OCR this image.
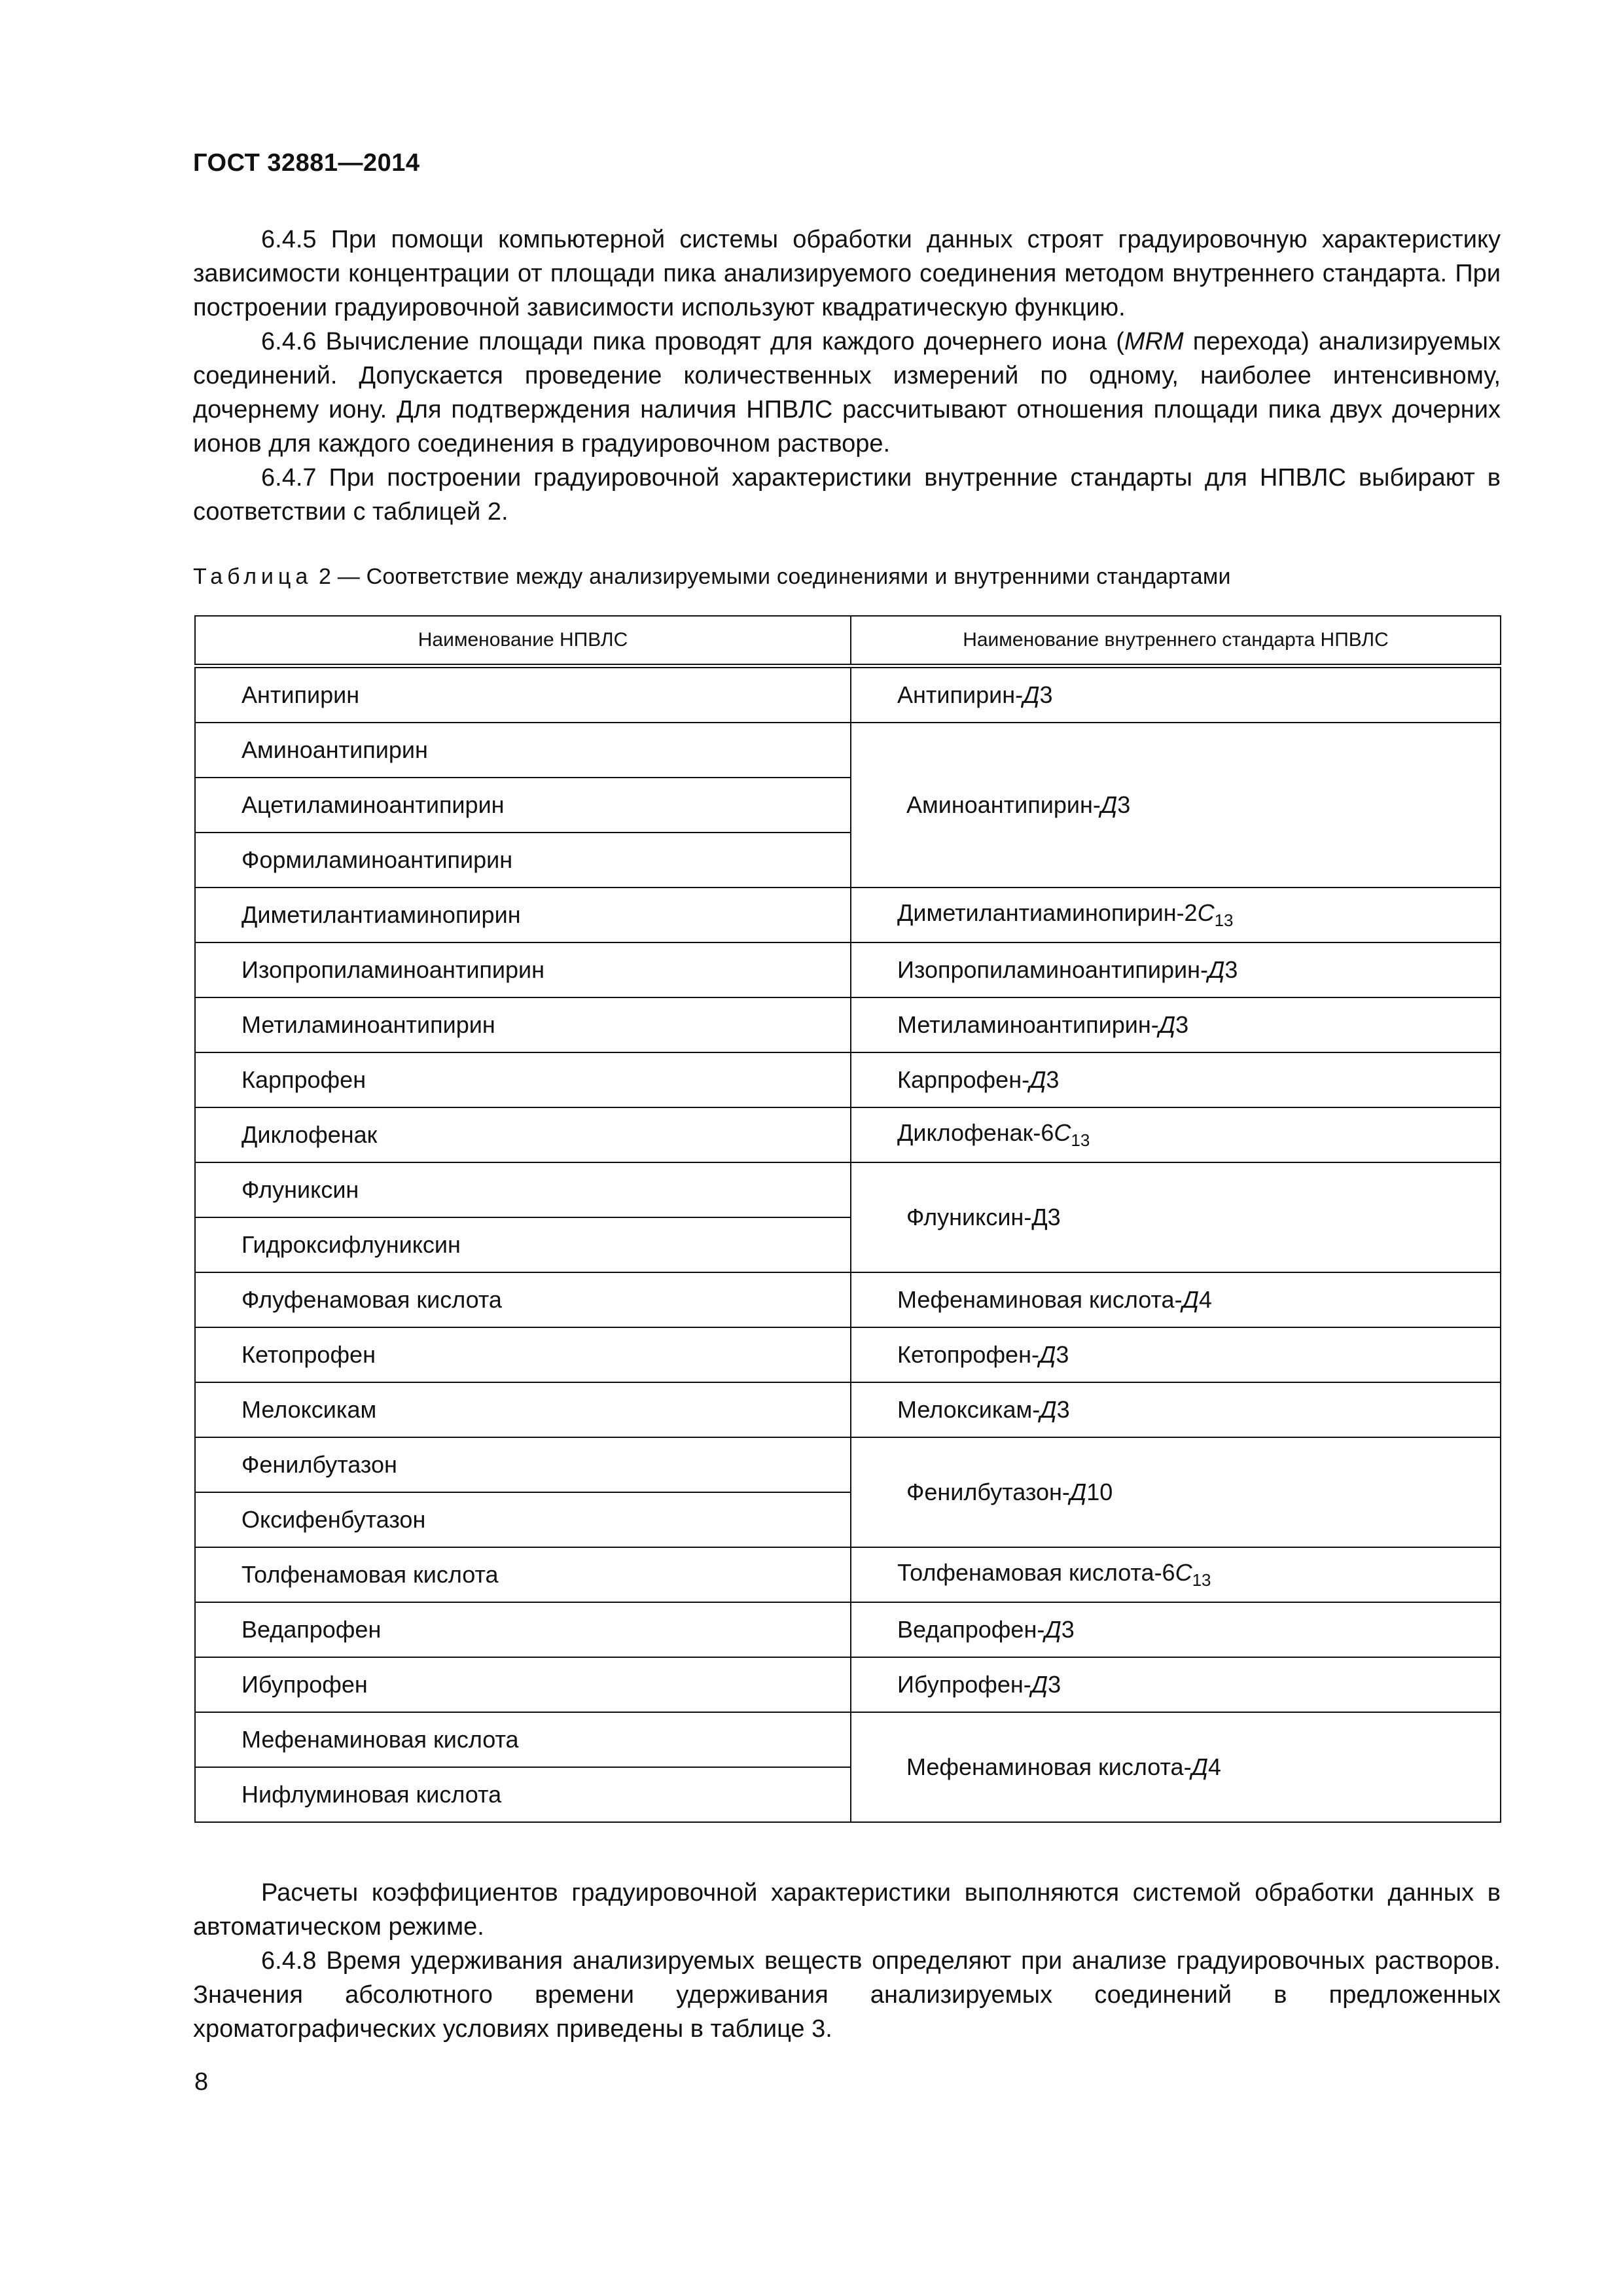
ГОСТ 32881—2014

6.4.5 При помощи компьютерной системы обработки данных строят градуировочную характеристику зависимости концентрации от площади пика анализируемого соединения методом внутреннего стандарта. При построении градуировочной зависимости используют квадратическую функцию.

6.4.6 Вычисление площади пика проводят для каждого дочернего иона (MRM перехода) анализируемых соединений. Допускается проведение количественных измерений по одному, наиболее интенсивному, дочернему иону. Для подтверждения наличия НПВЛС рассчитывают отношения площади пика двух дочерних ионов для каждого соединения в градуировочном растворе.

6.4.7 При построении градуировочной характеристики внутренние стандарты для НПВЛС выбирают в соответствии с таблицей 2.

Таблица 2 — Соответствие между анализируемыми соединениями и внутренними стандартами
Наименование НПВЛС	Наименование внутреннего стандарта НПВЛС
Антипирин	Антипирин-Д3
Аминоантипирин	Аминоантипирин-Д3
Ацетиламиноантипирин	
Формиламиноантипирин	
Диметилантиаминопирин	Диметилантиаминопирин-$2C_{13}$
Изопропиламиноантипирин	Изопропиламиноантипирин-Д3
Метиламиноантипирин	Метиламиноантипирин-Д3
Карпрофен	Карпрофен-Д3
Диклофенак	Диклофенак-$6C_{13}$
Флуниксин	Флуниксин-Д3
Гидроксифлуниксин	
Флуфенамовая кислота	Мефенаминовая кислота-Д4
Кетопрофен	Кетопрофен-Д3
Мелоксикам	Мелоксикам-Д3
Фенилбутазон	Фенилбутазон-Д10
Оксифенбутазон	
Толфенамовая кислота	Толфенамовая кислота-$6C_{13}$
Ведапрофен	Ведапрофен-Д3
Ибупрофен	Ибупрофен-Д3
Мефенаминовая кислота	Мефенаминовая кислота-Д4
Нифлуминовая кислота	

Расчеты коэффициентов градуировочной характеристики выполняются системой обработки данных в автоматическом режиме.

6.4.8 Время удерживания анализируемых веществ определяют при анализе градуировочных растворов. Значения абсолютного времени удерживания анализируемых соединений в предложенных хроматографических условиях приведены в таблице 3.

8
